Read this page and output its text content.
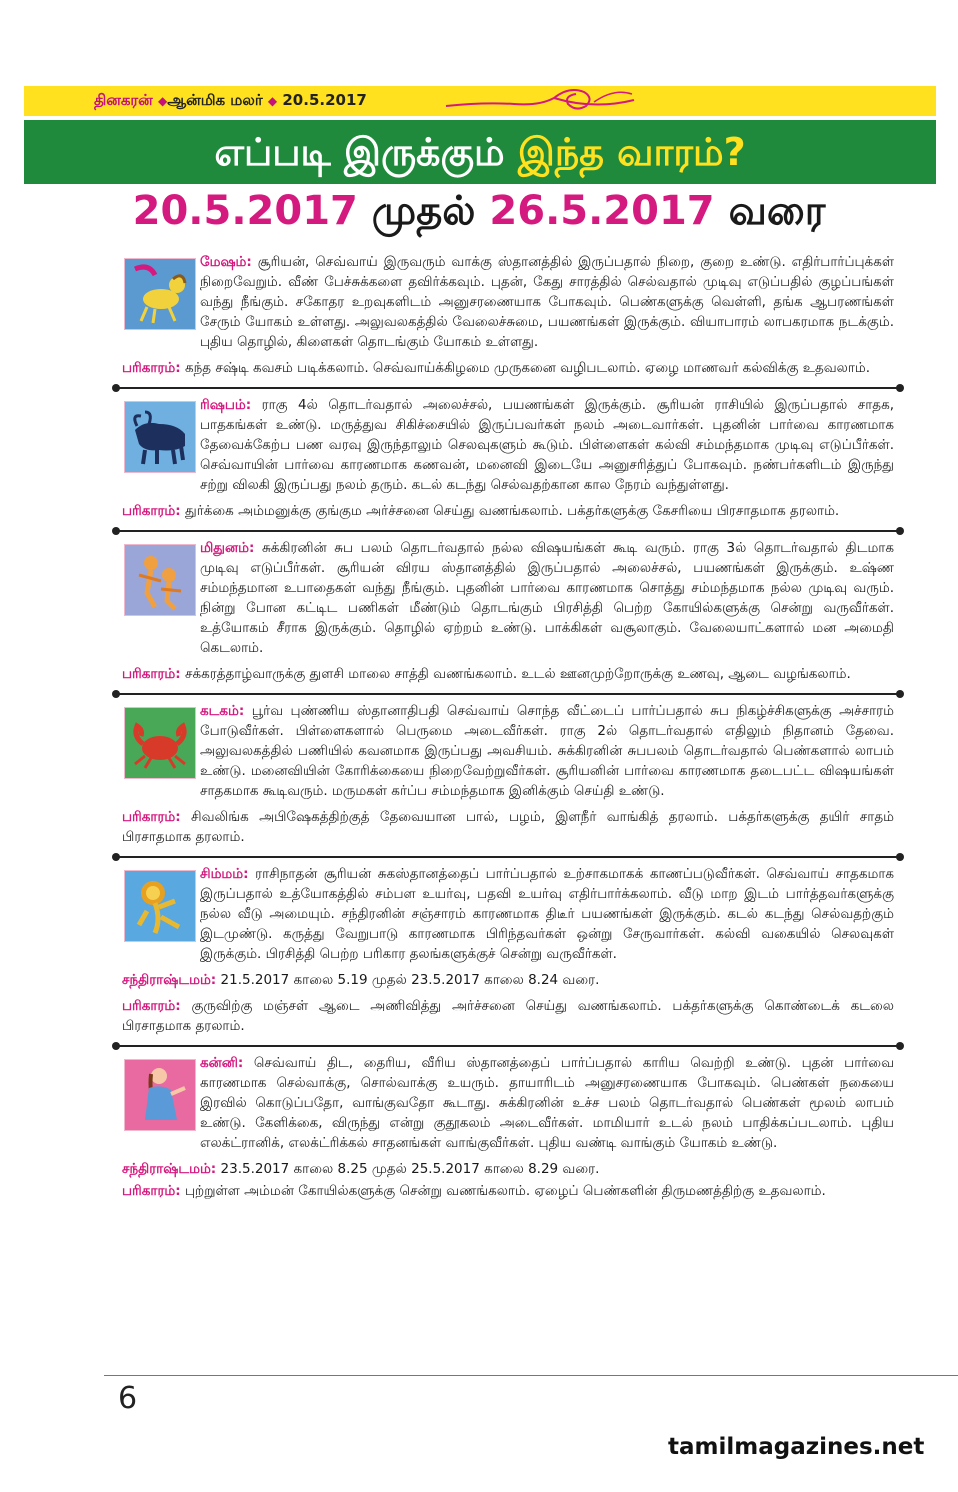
தினகரன் ◆ஆன்மிக மலர் ◆ 20.5.2017
எப்படி இருக்கும் இந்த வாரம்?
20.5.2017 முதல் 26.5.2017 வரை
மேஷம்: சூரியன், செவ்வாய் இருவரும் வாக்கு ஸ்தானத்தில் இருப்பதால் நிறை, குறை உண்டு. எதிர்பார்ப்புக்கள் நிறைவேறும். வீண் பேச்சுக்களை தவிர்க்கவும். புதன், கேது சாரத்தில் செல்வதால் முடிவு எடுப்பதில் குழப்பங்கள் வந்து நீங்கும். சகோதர உறவுகளிடம் அனுசரணையாக போகவும். பெண்களுக்கு வெள்ளி, தங்க ஆபரணங்கள் சேரும் யோகம் உள்ளது. அலுவலகத்தில் வேலைச்சுமை, பயணங்கள் இருக்கும். வியாபாரம் லாபகரமாக நடக்கும். புதிய தொழில், கிளைகள் தொடங்கும் யோகம் உள்ளது.
பரிகாரம்: கந்த சஷ்டி கவசம் படிக்கலாம். செவ்வாய்க்கிழமை முருகனை வழிபடலாம். ஏழை மாணவர் கல்விக்கு உதவலாம்.
ரிஷபம்: ராகு 4ல் தொடர்வதால் அலைச்சல், பயணங்கள் இருக்கும். சூரியன் ராசியில் இருப்பதால் சாதக, பாதகங்கள் உண்டு. மருத்துவ சிகிச்சையில் இருப்பவர்கள் நலம் அடைவார்கள். புதனின் பார்வை காரணமாக தேவைக்கேற்ப பண வரவு இருந்தாலும் செலவுகளும் கூடும். பிள்ளைகள் கல்வி சம்மந்தமாக முடிவு எடுப்பீர்கள். செவ்வாயின் பார்வை காரணமாக கணவன், மனைவி இடையே அனுசரித்துப் போகவும். நண்பர்களிடம் இருந்து சற்று விலகி இருப்பது நலம் தரும். கடல் கடந்து செல்வதற்கான கால நேரம் வந்துள்ளது.
பரிகாரம்: துர்க்கை அம்மனுக்கு குங்கும அர்ச்சனை செய்து வணங்கலாம். பக்தர்களுக்கு கேசரியை பிரசாதமாக தரலாம்.
மிதுனம்: சுக்கிரனின் சுப பலம் தொடர்வதால் நல்ல விஷயங்கள் கூடி வரும். ராகு 3ல் தொடர்வதால் திடமாக முடிவு எடுப்பீர்கள். சூரியன் விரய ஸ்தானத்தில் இருப்பதால் அலைச்சல், பயணங்கள் இருக்கும். உஷ்ண சம்மந்தமான உபாதைகள் வந்து நீங்கும். புதனின் பார்வை காரணமாக சொத்து சம்மந்தமாக நல்ல முடிவு வரும். நின்று போன கட்டிட பணிகள் மீண்டும் தொடங்கும் பிரசித்தி பெற்ற கோயில்களுக்கு சென்று வருவீர்கள். உத்யோகம் சீராக இருக்கும். தொழில் ஏற்றம் உண்டு. பாக்கிகள் வசூலாகும். வேலையாட்களால் மன அமைதி கெடலாம்.
பரிகாரம்: சக்கரத்தாழ்வாருக்கு துளசி மாலை சாத்தி வணங்கலாம். உடல் ஊனமுற்றோருக்கு உணவு, ஆடை வழங்கலாம்.
கடகம்: பூர்வ புண்ணிய ஸ்தானாதிபதி செவ்வாய் சொந்த வீட்டைப் பார்ப்பதால் சுப நிகழ்ச்சிகளுக்கு அச்சாரம் போடுவீர்கள். பிள்ளைகளால் பெருமை அடைவீர்கள். ராகு 2ல் தொடர்வதால் எதிலும் நிதானம் தேவை. அலுவலகத்தில் பணியில் கவனமாக இருப்பது அவசியம். சுக்கிரனின் சுபபலம் தொடர்வதால் பெண்களால் லாபம் உண்டு. மனைவியின் கோரிக்கையை நிறைவேற்றுவீர்கள். சூரியனின் பார்வை காரணமாக தடைபட்ட விஷயங்கள் சாதகமாக கூடிவரும். மருமகள் கர்ப்ப சம்மந்தமாக இனிக்கும் செய்தி உண்டு.
பரிகாரம்: சிவலிங்க அபிஷேகத்திற்குத் தேவையான பால், பழம், இளநீர் வாங்கித் தரலாம். பக்தர்களுக்கு தயிர் சாதம் பிரசாதமாக தரலாம்.
சிம்மம்: ராசிநாதன் சூரியன் சுகஸ்தானத்தைப் பார்ப்பதால் உற்சாகமாகக் காணப்படுவீர்கள். செவ்வாய் சாதகமாக இருப்பதால் உத்யோகத்தில் சம்பள உயர்வு, பதவி உயர்வு எதிர்பார்க்கலாம். வீடு மாற இடம் பார்த்தவர்களுக்கு நல்ல வீடு அமையும். சந்திரனின் சஞ்சாரம் காரணமாக திடீர் பயணங்கள் இருக்கும். கடல் கடந்து செல்வதற்கும் இடமுண்டு. கருத்து வேறுபாடு காரணமாக பிரிந்தவர்கள் ஒன்று சேருவார்கள். கல்வி வகையில் செலவுகள் இருக்கும். பிரசித்தி பெற்ற பரிகார தலங்களுக்குச் சென்று வருவீர்கள்.
சந்திராஷ்டமம்: 21.5.2017 காலை 5.19 முதல் 23.5.2017 காலை 8.24 வரை.
பரிகாரம்: குருவிற்கு மஞ்சள் ஆடை அணிவித்து அர்ச்சனை செய்து வணங்கலாம். பக்தர்களுக்கு கொண்டைக் கடலை பிரசாதமாக தரலாம்.
கன்னி: செவ்வாய் திட, தைரிய, வீரிய ஸ்தானத்தைப் பார்ப்பதால் காரிய வெற்றி உண்டு. புதன் பார்வை காரணமாக செல்வாக்கு, சொல்வாக்கு உயரும். தாயாரிடம் அனுசரணையாக போகவும். பெண்கள் நகையை இரவில் கொடுப்பதோ, வாங்குவதோ கூடாது. சுக்கிரனின் உச்ச பலம் தொடர்வதால் பெண்கள் மூலம் லாபம் உண்டு. கேளிக்கை, விருந்து என்று குதூகலம் அடைவீர்கள். மாமியார் உடல் நலம் பாதிக்கப்படலாம். புதிய எலக்ட்ரானிக், எலக்ட்ரிக்கல் சாதனங்கள் வாங்குவீர்கள். புதிய வண்டி வாங்கும் யோகம் உண்டு.
சந்திராஷ்டமம்: 23.5.2017 காலை 8.25 முதல் 25.5.2017 காலை 8.29 வரை.
பரிகாரம்: புற்றுள்ள அம்மன் கோயில்களுக்கு சென்று வணங்கலாம். ஏழைப் பெண்களின் திருமணத்திற்கு உதவலாம்.
6
tamilmagazines.net
